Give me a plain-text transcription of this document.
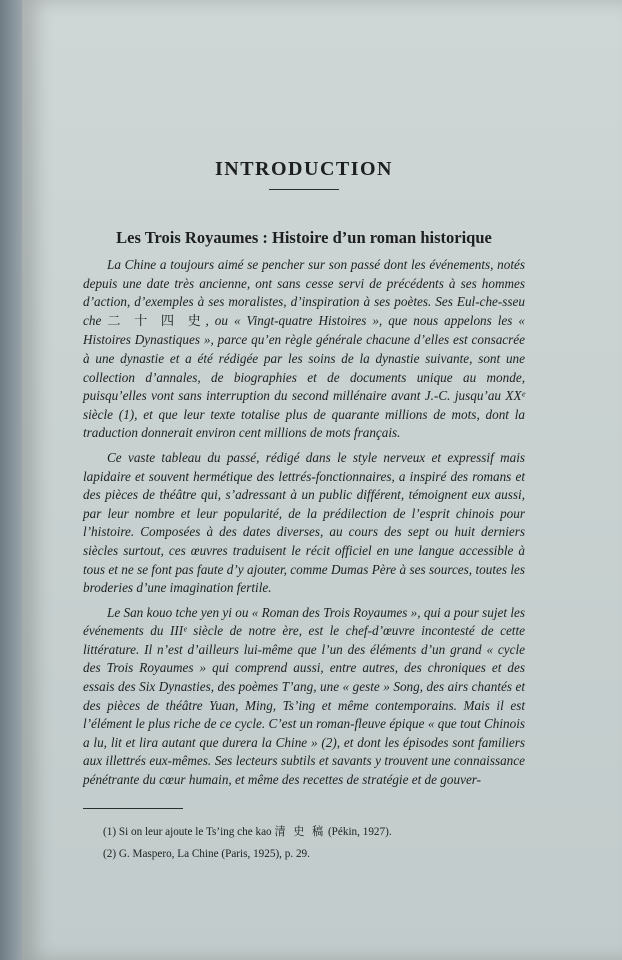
INTRODUCTION
Les Trois Royaumes : Histoire d’un roman historique

La Chine a toujours aimé se pencher sur son passé dont les événements, notés depuis une date très ancienne, ont sans cesse servi de précédents à ses hommes d’action, d’exemples à ses moralistes, d’inspiration à ses poètes. Ses Eul-che-sseu che 二 十 四 史, ou « Vingt-quatre Histoires », que nous appelons les « Histoires Dynastiques », parce qu’en règle générale chacune d’elles est consacrée à une dynastie et a été rédigée par les soins de la dynastie suivante, sont une collection d’annales, de biographies et de documents unique au monde, puisqu’elles vont sans interruption du second millénaire avant J.-C. jusqu’au XXᵉ siècle (1), et que leur texte totalise plus de quarante millions de mots, dont la traduction donnerait environ cent millions de mots français.

Ce vaste tableau du passé, rédigé dans le style nerveux et expressif mais lapidaire et souvent hermétique des lettrés-fonctionnaires, a inspiré des romans et des pièces de théâtre qui, s’adressant à un public différent, témoignent eux aussi, par leur nombre et leur popularité, de la prédilection de l’esprit chinois pour l’histoire. Composées à des dates diverses, au cours des sept ou huit derniers siècles surtout, ces œuvres traduisent le récit officiel en une langue accessible à tous et ne se font pas faute d’y ajouter, comme Dumas Père à ses sources, toutes les broderies d’une imagination fertile.

Le San kouo tche yen yi ou « Roman des Trois Royaumes », qui a pour sujet les événements du IIIᵉ siècle de notre ère, est le chef-d’œuvre incontesté de cette littérature. Il n’est d’ailleurs lui-même que l’un des éléments d’un grand « cycle des Trois Royaumes » qui comprend aussi, entre autres, des chroniques et des essais des Six Dynasties, des poèmes T’ang, une « geste » Song, des airs chantés et des pièces de théâtre Yuan, Ming, Ts’ing et même contemporains. Mais il est l’élément le plus riche de ce cycle. C’est un roman-fleuve épique « que tout Chinois a lu, lit et lira autant que durera la Chine » (2), et dont les épisodes sont familiers aux illettrés eux-mêmes. Ses lecteurs subtils et savants y trouvent une connaissance pénétrante du cœur humain, et même des recettes de stratégie et de gouver-

(1) Si on leur ajoute le Ts’ing che kao 清 史 稿 (Pékin, 1927).

(2) G. Maspero, La Chine (Paris, 1925), p. 29.
